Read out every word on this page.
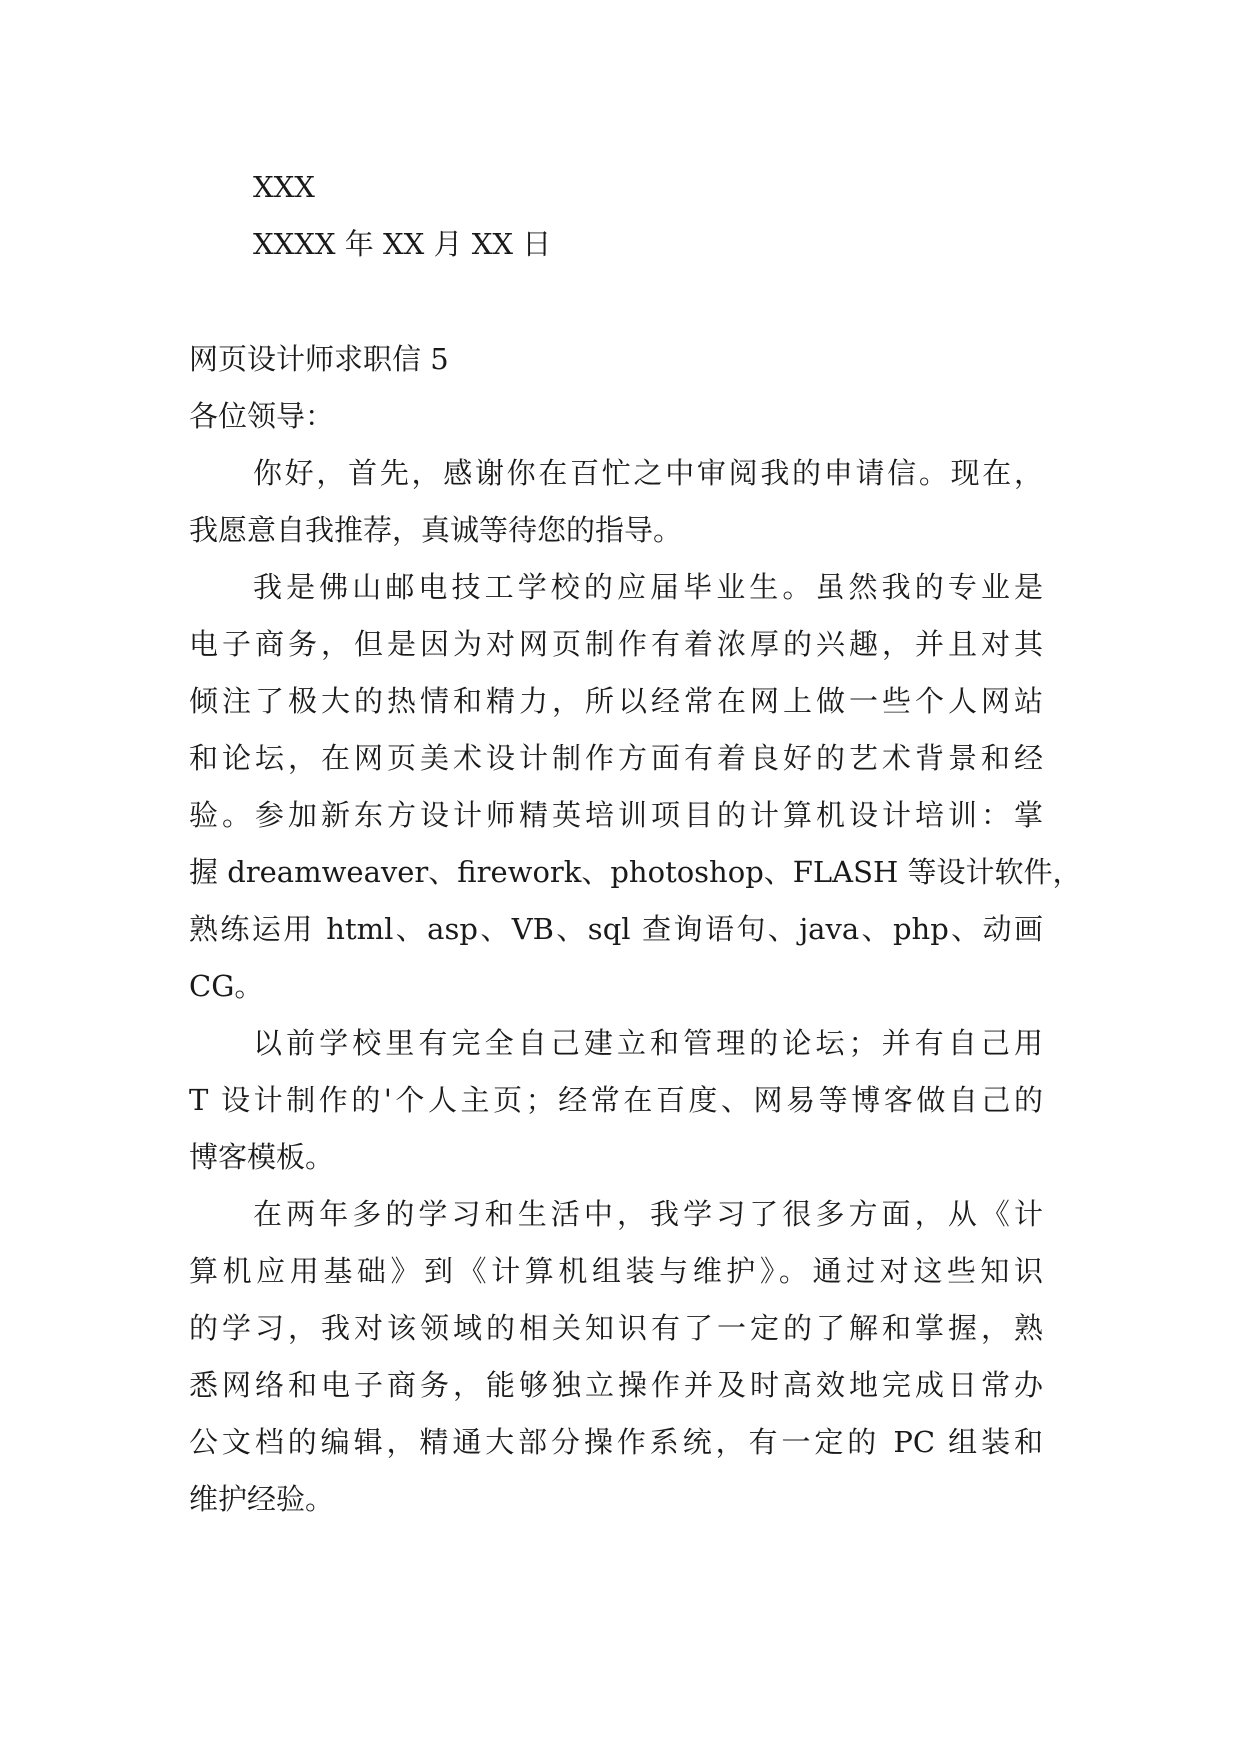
XXX
XXXX 年 XX 月 XX 日
网页设计师求职信 5
各位领导：
你好，首先，感谢你在百忙之中审阅我的申请信。现在，
我愿意自我推荐，真诚等待您的指导。
我是佛山邮电技工学校的应届毕业生。虽然我的专业是
电子商务，但是因为对网页制作有着浓厚的兴趣，并且对其
倾注了极大的热情和精力，所以经常在网上做一些个人网站
和论坛，在网页美术设计制作方面有着良好的艺术背景和经
验。参加新东方设计师精英培训项目的计算机设计培训：掌
握 dreamweaver、firework、photoshop、FLASH 等设计软件，
熟练运用 html、asp、VB、sql 查询语句、java、php、动画
CG。
以前学校里有完全自己建立和管理的论坛；并有自己用
T 设计制作的'个人主页；经常在百度、网易等博客做自己的
博客模板。
在两年多的学习和生活中，我学习了很多方面，从《计
算机应用基础》到《计算机组装与维护》。通过对这些知识
的学习，我对该领域的相关知识有了一定的了解和掌握，熟
悉网络和电子商务，能够独立操作并及时高效地完成日常办
公文档的编辑，精通大部分操作系统，有一定的 PC 组装和
维护经验。
